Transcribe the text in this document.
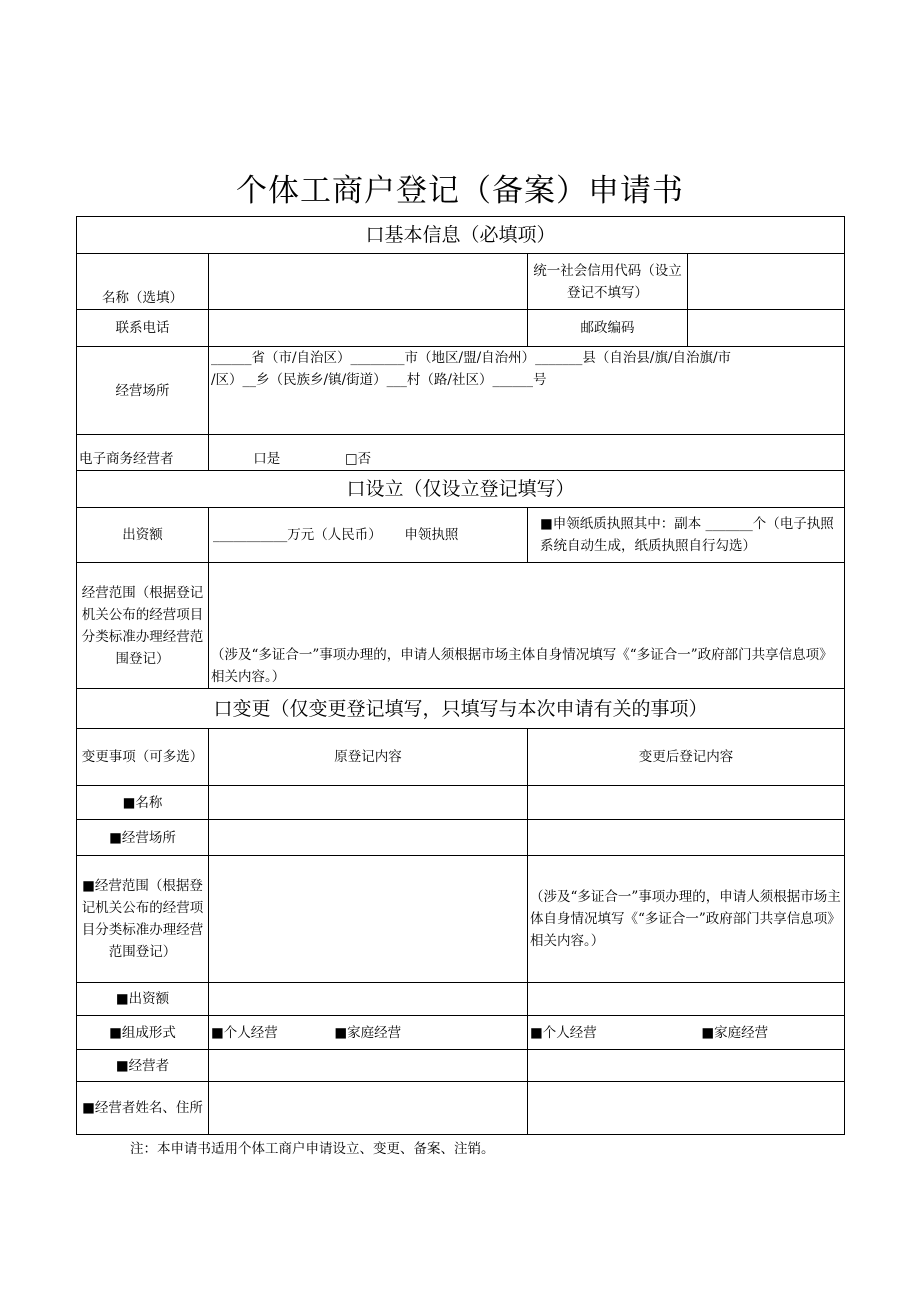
个体工商户登记（备案）申请书
口基本信息（必填项）			
名称（选填）		统一社会信用代码（设立登记不填写）	
联系电话		邮政编码	
经营场所	______省（市/自治区）________市（地区/盟/自治州）_______县（自治县/旗/自治旗/市
/区）__乡（民族乡/镇/街道）___村（路/社区）______号		

电子商务经营者	口是 □否		
口设立（仅设立登记填写）			
出资额	___________万元（人民币） 申领执照	■申领纸质执照其中：副本 _______个（电子执照系统自动生成，纸质执照自行勾选）	
经营范围（根据登记机关公布的经营项目分类标准办理经营范围登记）	（涉及“多证合一”事项办理的，申请人须根据市场主体自身情况填写《“多证合一”政府部门共享信息项》相关内容。）		
口变更（仅变更登记填写，只填写与本次申请有关的事项）			
变更事项（可多选）	原登记内容	变更后登记内容	
■名称			
■经营场所			
■经营范围（根据登记机关公布的经营项目分类标准办理经营范围登记）		（涉及“多证合一”事项办理的，申请人须根据市场主体自身情况填写《“多证合一”政府部门共享信息项》相关内容。）	
■出资额			
■组成形式	■个人经营 ■家庭经营	■个人经营 ■家庭经营	
■经营者			
■经营者姓名、住所			
注：本申请书适用个体工商户申请设立、变更、备案、注销。
